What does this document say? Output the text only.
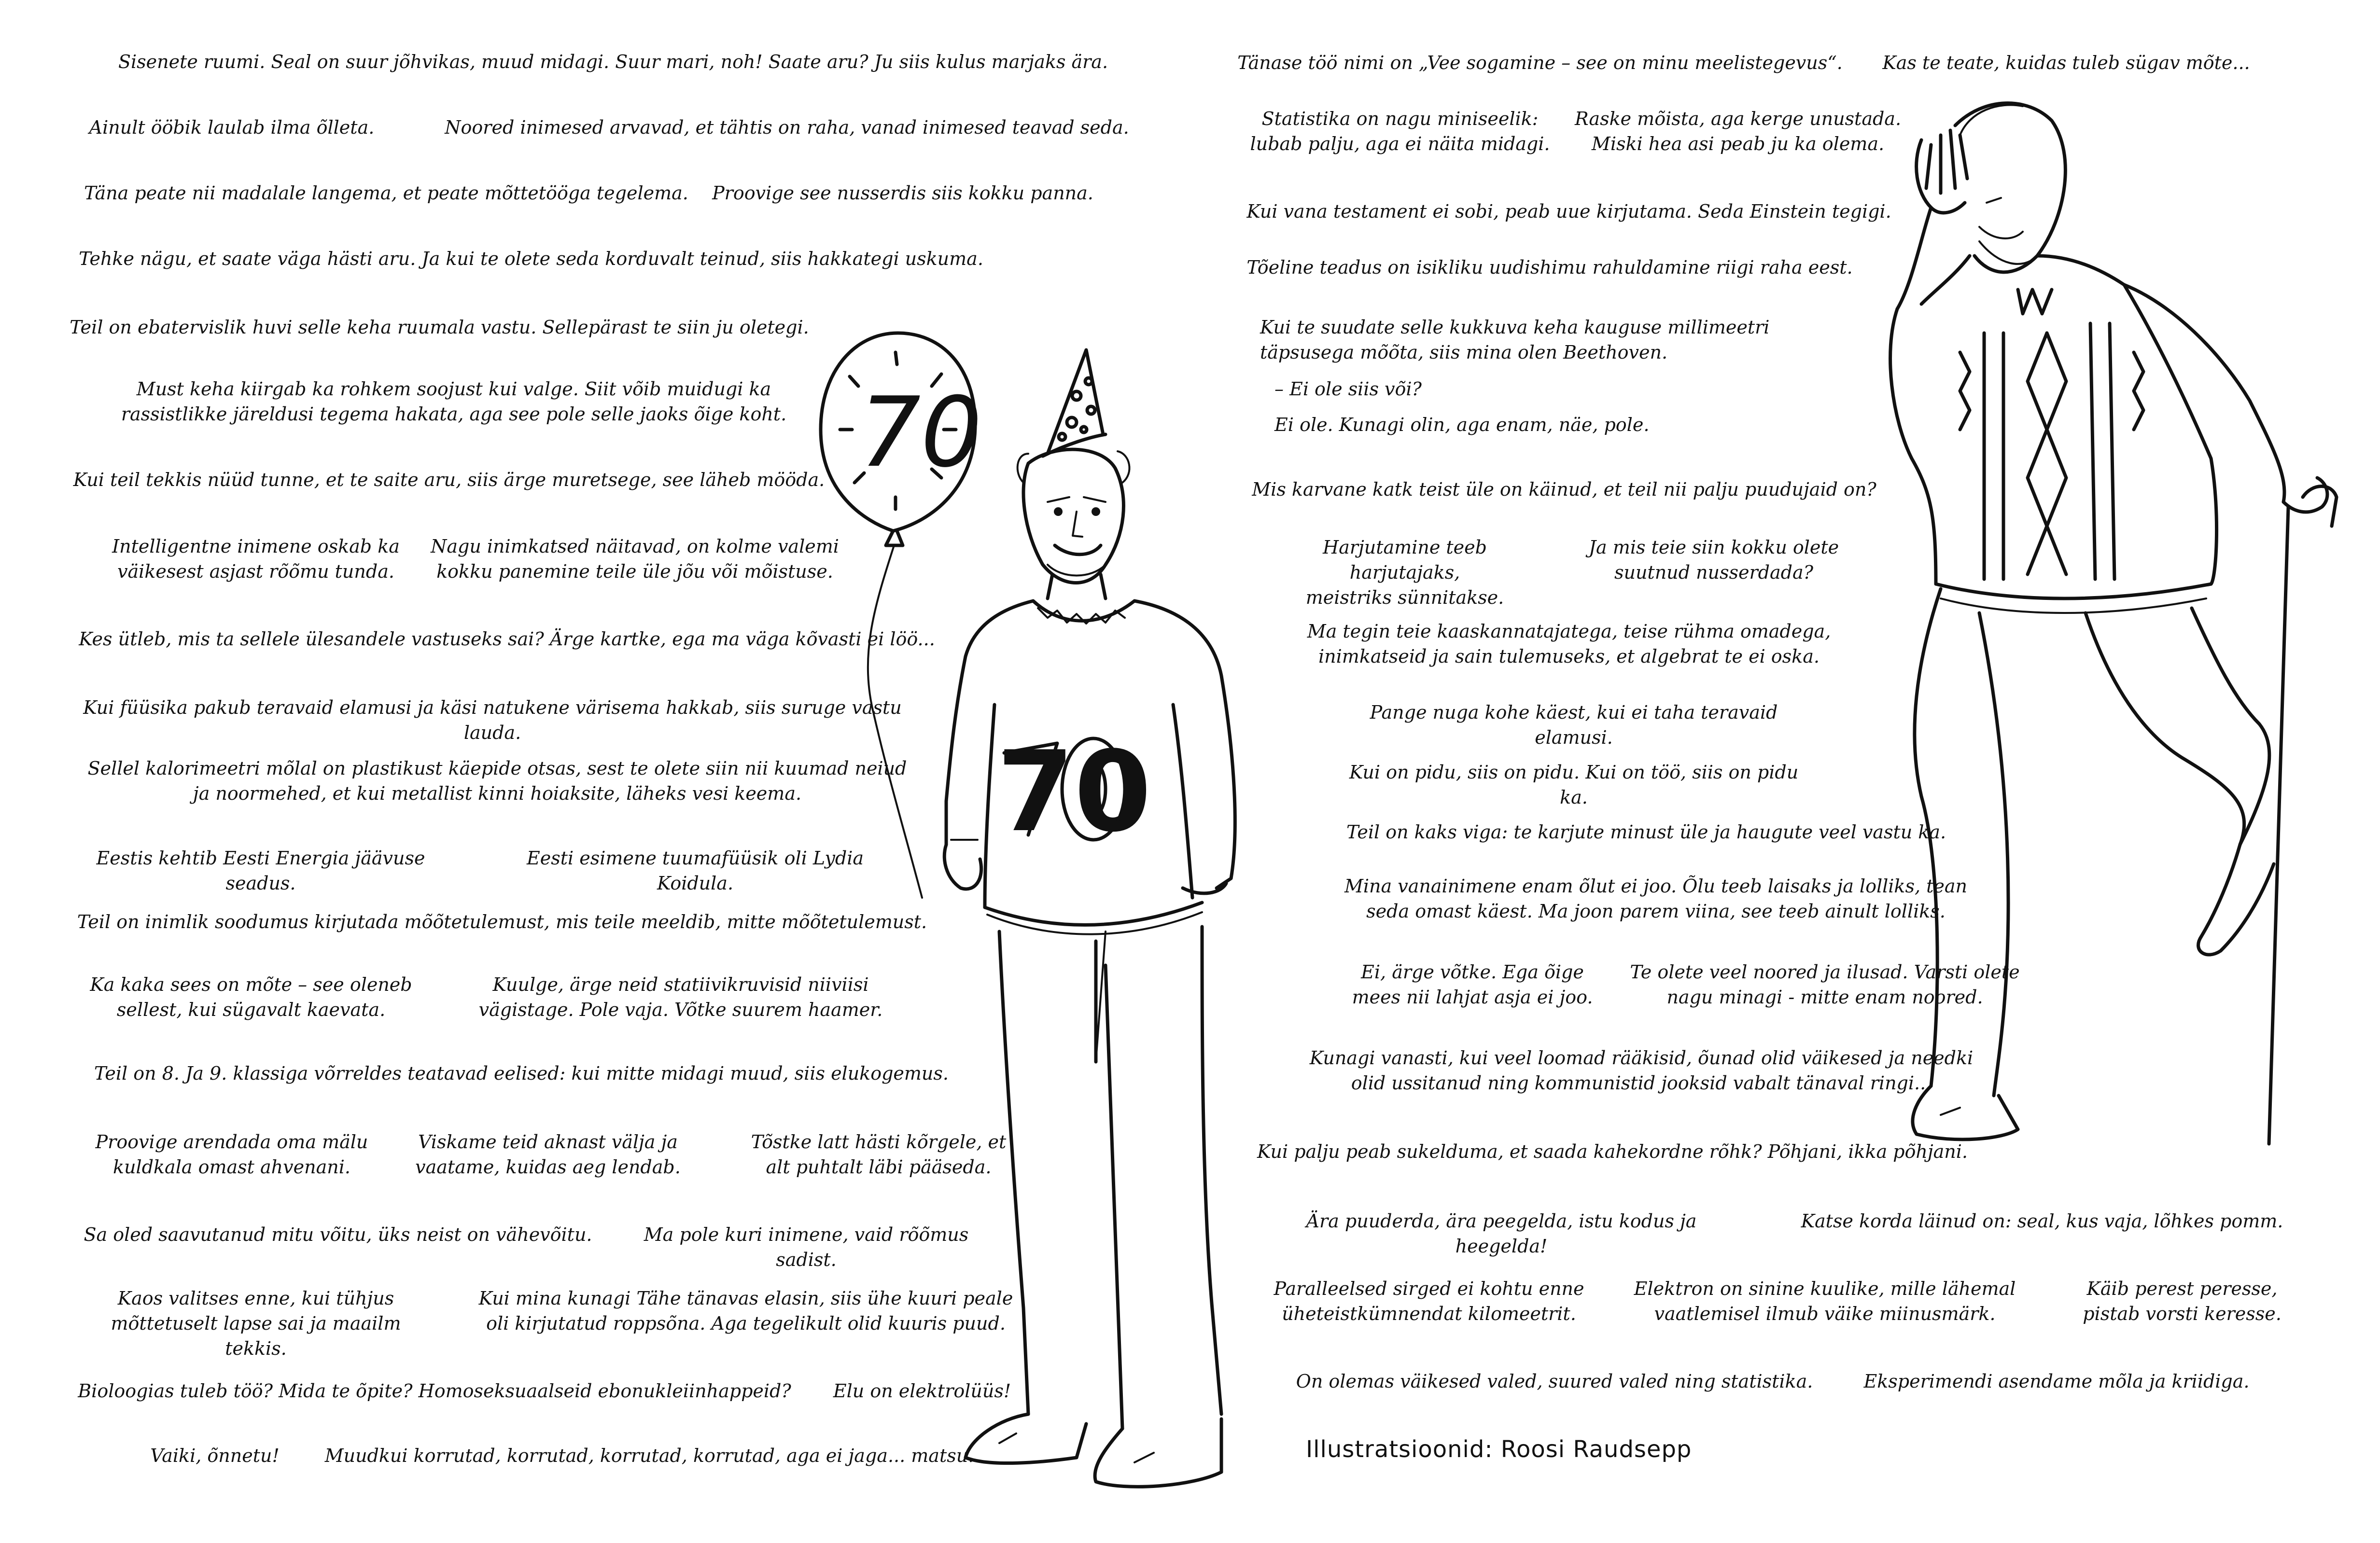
Sisenete ruumi. Seal on suur jõhvikas, muud midagi. Suur mari, noh! Saate aru? Ju siis kulus marjaks ära.
Ainult ööbik laulab ilma õlleta.	Noored inimesed arvavad, et tähtis on raha, vanad inimesed teavad seda.
Täna peate nii madalale langema, et peate mõttetööga tegelema.	Proovige see nusserdis siis kokku panna.
Tehke nägu, et saate väga hästi aru. Ja kui te olete seda korduvalt teinud, siis hakkategi uskuma.
Teil on ebatervislik huvi selle keha ruumala vastu. Sellepärast te siin ju oletegi.
Must keha kiirgab ka rohkem soojust kui valge. Siit võib muidugi ka
rassistlikke järeldusi tegema hakata, aga see pole selle jaoks õige koht.
Kui teil tekkis nüüd tunne, et te saite aru, siis ärge muretsege, see läheb mööda.
Intelligentne inimene oskab ka
väikesest asjast rõõmu tunda.
Nagu inimkatsed näitavad, on kolme valemi
kokku panemine teile üle jõu või mõistuse.
Kes ütleb, mis ta sellele ülesandele vastuseks sai? Ärge kartke, ega ma väga kõvasti ei löö...
Kui füüsika pakub teravaid elamusi ja käsi natukene värisema hakkab, siis suruge vastu lauda.
Sellel kalorimeetri mõlal on plastikust käepide otsas, sest te olete siin nii kuumad neiud
ja noormehed, et kui metallist kinni hoiaksite, läheks vesi keema.
Eestis kehtib Eesti Energia jäävuse seadus.
Eesti esimene tuumafüüsik oli Lydia Koidula.
Teil on inimlik soodumus kirjutada mõõtetulemust, mis teile meeldib, mitte mõõtetulemust.
Ka kaka sees on mõte – see oleneb
sellest, kui sügavalt kaevata.
Kuulge, ärge neid statiivikruvisid niiviisi
vägistage. Pole vaja. Võtke suurem haamer.
Teil on 8. Ja 9. klassiga võrreldes teatavad eelised: kui mitte midagi muud, siis elukogemus.
Proovige arendada oma mälu
kuldkala omast ahvenani.
Viskame teid aknast välja ja
vaatame, kuidas aeg lendab.
Tõstke latt hästi kõrgele, et
alt puhtalt läbi pääseda.
Sa oled saavutanud mitu võitu, üks neist on vähevõitu.	Ma pole kuri inimene, vaid rõõmus sadist.
Kaos valitses enne, kui tühjus
mõttetuselt lapse sai ja maailm tekkis.
Kui mina kunagi Tähe tänavas elasin, siis ühe kuuri peale
oli kirjutatud roppsõna. Aga tegelikult olid kuuris puud.
Bioloogias tuleb töö? Mida te õpite? Homoseksuaalseid ebonukleiinhappeid?	Elu on elektrolüüs!
Vaiki, õnnetu!	Muudkui korrutad, korrutad, korrutad, korrutad, aga ei jaga... matsu.
Tänase töö nimi on „Vee sogamine – see on minu meelistegevus“.	Kas te teate, kuidas tuleb sügav mõte...
Statistika on nagu miniseelik:
lubab palju, aga ei näita midagi.
Raske mõista, aga kerge unustada.
Miski hea asi peab ju ka olema.
Kui vana testament ei sobi, peab uue kirjutama. Seda Einstein tegigi.
Tõeline teadus on isikliku uudishimu rahuldamine riigi raha eest.
Kui te suudate selle kukkuva keha kauguse millimeetri
täpsusega mõõta, siis mina olen Beethoven.
– Ei ole siis või?
Ei ole. Kunagi olin, aga enam, näe, pole.
Mis karvane katk teist üle on käinud, et teil nii palju puudujaid on?
Harjutamine teeb harjutajaks,
meistriks sünnitakse.
Ja mis teie siin kokku olete
suutnud nusserdada?
Ma tegin teie kaaskannatajatega, teise rühma omadega,
inimkatseid ja sain tulemuseks, et algebrat te ei oska.
Pange nuga kohe käest, kui ei taha teravaid elamusi.
Kui on pidu, siis on pidu. Kui on töö, siis on pidu ka.
Teil on kaks viga: te karjute minust üle ja haugute veel vastu ka.
Mina vanainimene enam õlut ei joo. Õlu teeb laisaks ja lolliks, tean
seda omast käest. Ma joon parem viina, see teeb ainult lolliks.
Ei, ärge võtke. Ega õige
mees nii lahjat asja ei joo.
Te olete veel noored ja ilusad. Varsti olete
nagu minagi - mitte enam noored.
Kunagi vanasti, kui veel loomad rääkisid, õunad olid väikesed ja needki
olid ussitanud ning kommunistid jooksid vabalt tänaval ringi...
Kui palju peab sukelduma, et saada kahekordne rõhk? Põhjani, ikka põhjani.
Ära puuderda, ära peegelda, istu kodus ja heegelda!
Katse korda läinud on: seal, kus vaja, lõhkes pomm.
Paralleelsed sirged ei kohtu enne
üheteistkümnendat kilomeetrit.
Elektron on sinine kuulike, mille lähemal
vaatlemisel ilmub väike miinusmärk.
Käib perest peresse,
pistab vorsti keresse.
On olemas väikesed valed, suured valed ning statistika.	Eksperimendi asendame mõla ja kriidiga.
Illustratsioonid: Roosi Raudsepp
70
70
